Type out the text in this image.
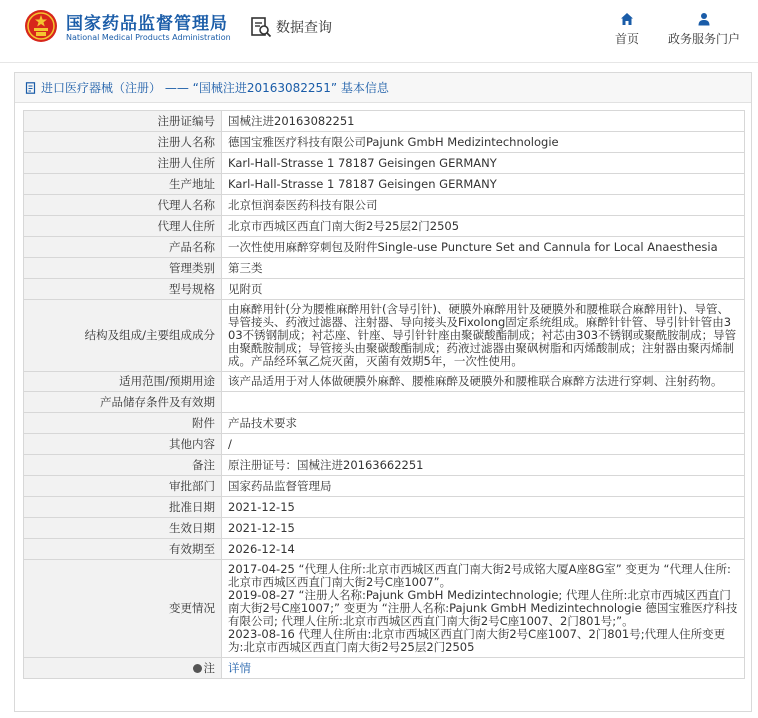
国家药品监督管理局
National Medical Products Administration
数据查询
首页 政务服务门户
进口医疗器械（注册） —— “国械注进20163082251” 基本信息
注册证编号	国械注进20163082251
注册人名称	德国宝雅医疗科技有限公司Pajunk GmbH Medizintechnologie
注册人住所	Karl-Hall-Strasse 1 78187 Geisingen GERMANY
生产地址	Karl-Hall-Strasse 1 78187 Geisingen GERMANY
代理人名称	北京恒润泰医药科技有限公司
代理人住所	北京市西城区西直门南大街2号25层2门2505
产品名称	一次性使用麻醉穿刺包及附件Single-use Puncture Set and Cannula for Local Anaesthesia
管理类别	第三类
型号规格	见附页
结构及组成/主要组成成分	由麻醉用针(分为腰椎麻醉用针(含导引针)、硬膜外麻醉用针及硬膜外和腰椎联合麻醉用针)、导管、导管接头、药液过滤器、注射器、导向接头及Fixolong固定系统组成。麻醉针针管、导引针针管由303不锈钢制成；衬芯座、针座、导引针针座由聚碳酸酯制成；衬芯由303不锈钢或聚酰胺制成；导管由聚酰胺制成；导管接头由聚碳酸酯制成；药液过滤器由聚砜树脂和丙烯酸制成；注射器由聚丙烯制成。产品经环氧乙烷灭菌，灭菌有效期5年，一次性使用。
适用范围/预期用途	该产品适用于对人体做硬膜外麻醉、腰椎麻醉及硬膜外和腰椎联合麻醉方法进行穿刺、注射药物。
产品储存条件及有效期	
附件	产品技术要求
其他内容	/
备注	原注册证号：国械注进20163662251
审批部门	国家药品监督管理局
批准日期	2021-12-15
生效日期	2021-12-15
有效期至	2026-12-14
变更情况	2017-04-25 “代理人住所:北京市西城区西直门南大街2号成铭大厦A座8G室” 变更为 “代理人住所:北京市西城区西直门南大街2号C座1007”。
2019-08-27 “注册人名称:Pajunk GmbH Medizintechnologie; 代理人住所:北京市西城区西直门南大街2号C座1007;” 变更为 “注册人名称:Pajunk GmbH Medizintechnologie 德国宝雅医疗科技有限公司; 代理人住所:北京市西城区西直门南大街2号C座1007、2门801号;”。
2023-08-16 代理人住所由:北京市西城区西直门南大街2号C座1007、2门801号;代理人住所变更为:北京市西城区西直门南大街2号25层2门2505

注	详情
